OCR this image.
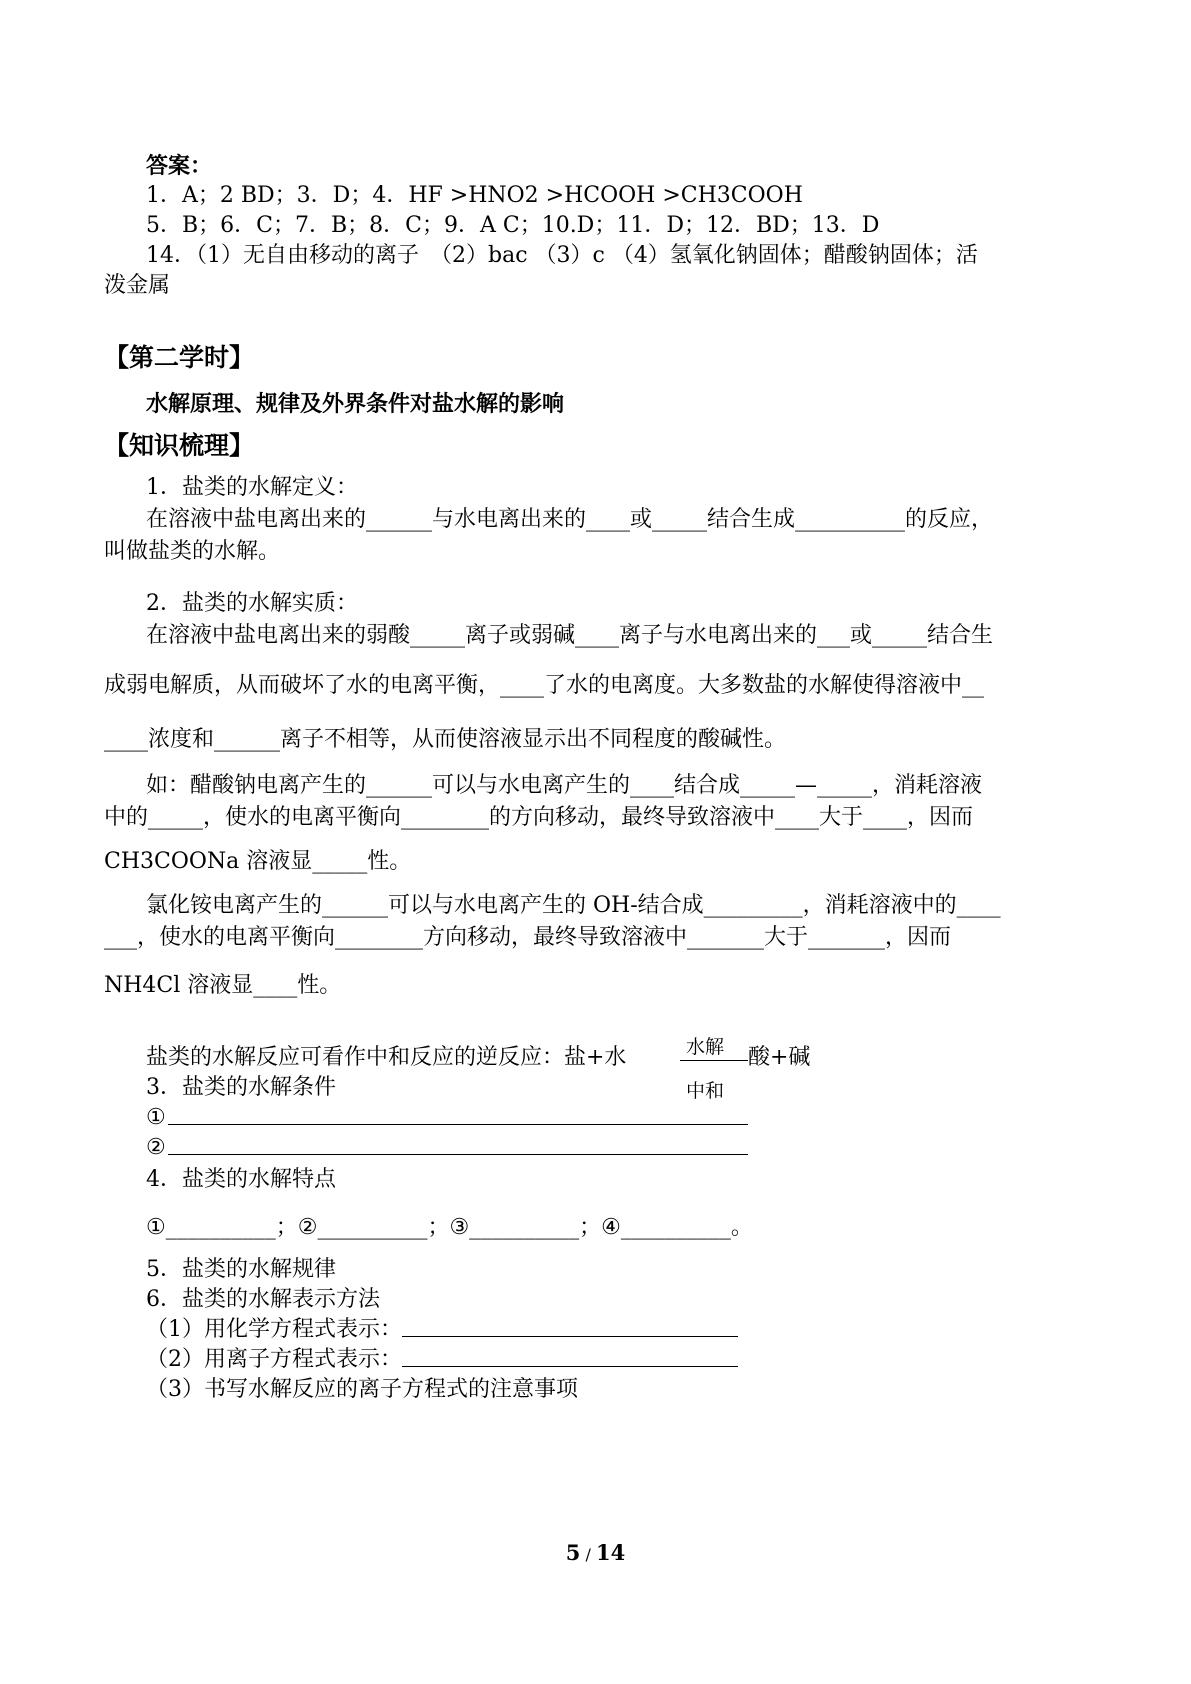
答案：
1．A；2 BD；3．D；4．HF >HNO2 >HCOOH >CH3COOH
5．B；6．C；7．B；8．C；9．A C；10.D；11．D；12．BD；13．D
14．（1）无自由移动的离子　（2）bac （3）c （4）氢氧化钠固体；醋酸钠固体；活
泼金属
【第二学时】
水解原理、规律及外界条件对盐水解的影响
【知识梳理】
1．盐类的水解定义：
在溶液中盐电离出来的______与水电离出来的____或_____结合生成__________的反应，
叫做盐类的水解。
2．盐类的水解实质：
在溶液中盐电离出来的弱酸_____离子或弱碱____离子与水电离出来的___或_____结合生
成弱电解质，从而破坏了水的电离平衡，____了水的电离度。大多数盐的水解使得溶液中__
____浓度和______离子不相等，从而使溶液显示出不同程度的酸碱性。
如：醋酸钠电离产生的______可以与水电离产生的____结合成_____—_____，消耗溶液
中的_____，使水的电离平衡向________的方向移动，最终导致溶液中____大于____，因而
CH3COONa 溶液显_____性。
氯化铵电离产生的______可以与水电离产生的 OH-结合成_________，消耗溶液中的____
___，使水的电离平衡向________方向移动，最终导致溶液中_______大于_______，因而
NH4Cl 溶液显____性。
盐类的水解反应可看作中和反应的逆反应：盐+水	水解
中和
酸+碱
3．盐类的水解条件
①
②
4．盐类的水解特点
①__________；②__________；③__________；④__________。
5．盐类的水解规律
6．盐类的水解表示方法
（1）用化学方程式表示：
（2）用离子方程式表示：
（3）书写水解反应的离子方程式的注意事项
5 / 14
